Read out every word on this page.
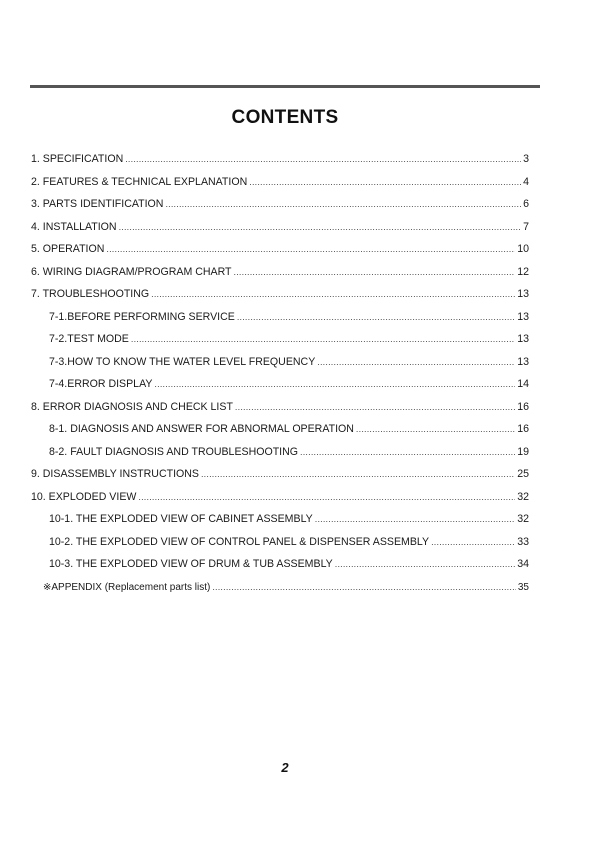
CONTENTS
1. SPECIFICATION .....	3
2. FEATURES & TECHNICAL EXPLANATION .....	4
3. PARTS IDENTIFICATION .....	6
4. INSTALLATION .....	7
5. OPERATION .....	10
6. WIRING DIAGRAM/PROGRAM CHART .....	12
7. TROUBLESHOOTING .....	13
7-1.BEFORE PERFORMING SERVICE .....	13
7-2.TEST MODE .....	13
7-3.HOW TO KNOW THE WATER LEVEL FREQUENCY .....	13
7-4.ERROR DISPLAY .....	14
8. ERROR DIAGNOSIS AND CHECK LIST .....	16
8-1. DIAGNOSIS AND ANSWER FOR ABNORMAL OPERATION .....	16
8-2. FAULT DIAGNOSIS AND TROUBLESHOOTING .....	19
9. DISASSEMBLY INSTRUCTIONS .....	25
10. EXPLODED VIEW .....	32
10-1. THE EXPLODED VIEW OF CABINET ASSEMBLY .....	32
10-2. THE EXPLODED VIEW OF CONTROL PANEL & DISPENSER ASSEMBLY .....	33
10-3. THE EXPLODED VIEW OF DRUM & TUB ASSEMBLY .....	34
※APPENDIX (Replacement parts list) .....	35
2
